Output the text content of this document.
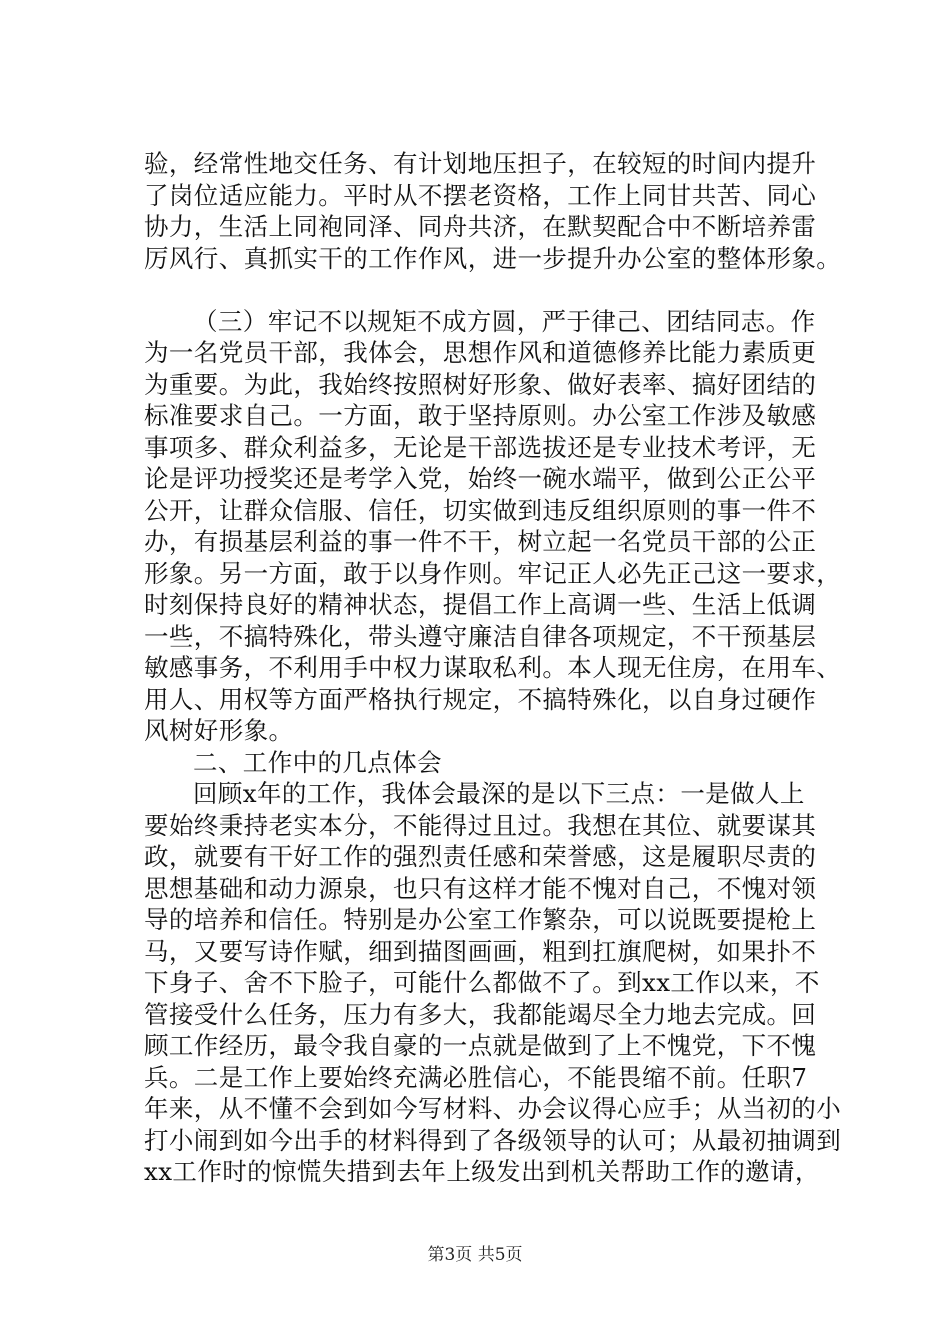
验，经常性地交任务、有计划地压担子，在较短的时间内提升
了岗位适应能力。平时从不摆老资格，工作上同甘共苦、同心
协力，生活上同袍同泽、同舟共济，在默契配合中不断培养雷
厉风行、真抓实干的工作作风，进一步提升办公室的整体形象。
（三）牢记不以规矩不成方圆，严于律己、团结同志。作
为一名党员干部，我体会，思想作风和道德修养比能力素质更
为重要。为此，我始终按照树好形象、做好表率、搞好团结的
标准要求自己。一方面，敢于坚持原则。办公室工作涉及敏感
事项多、群众利益多，无论是干部选拔还是专业技术考评，无
论是评功授奖还是考学入党，始终一碗水端平，做到公正公平
公开，让群众信服、信任，切实做到违反组织原则的事一件不
办，有损基层利益的事一件不干，树立起一名党员干部的公正
形象。另一方面，敢于以身作则。牢记正人必先正己这一要求，
时刻保持良好的精神状态，提倡工作上高调一些、生活上低调
一些，不搞特殊化，带头遵守廉洁自律各项规定，不干预基层
敏感事务，不利用手中权力谋取私利。本人现无住房，在用车、
用人、用权等方面严格执行规定，不搞特殊化，以自身过硬作
风树好形象。
二、工作中的几点体会
回顾x年的工作，我体会最深的是以下三点：一是做人上
要始终秉持老实本分，不能得过且过。我想在其位、就要谋其
政，就要有干好工作的强烈责任感和荣誉感，这是履职尽责的
思想基础和动力源泉，也只有这样才能不愧对自己，不愧对领
导的培养和信任。特别是办公室工作繁杂，可以说既要提枪上
马，又要写诗作赋，细到描图画画，粗到扛旗爬树，如果扑不
下身子、舍不下脸子，可能什么都做不了。到xx工作以来，不
管接受什么任务，压力有多大，我都能竭尽全力地去完成。回
顾工作经历，最令我自豪的一点就是做到了上不愧党，下不愧
兵。二是工作上要始终充满必胜信心，不能畏缩不前。任职7
年来，从不懂不会到如今写材料、办会议得心应手；从当初的小
打小闹到如今出手的材料得到了各级领导的认可；从最初抽调到
xx工作时的惊慌失措到去年上级发出到机关帮助工作的邀请，
第3页 共5页
